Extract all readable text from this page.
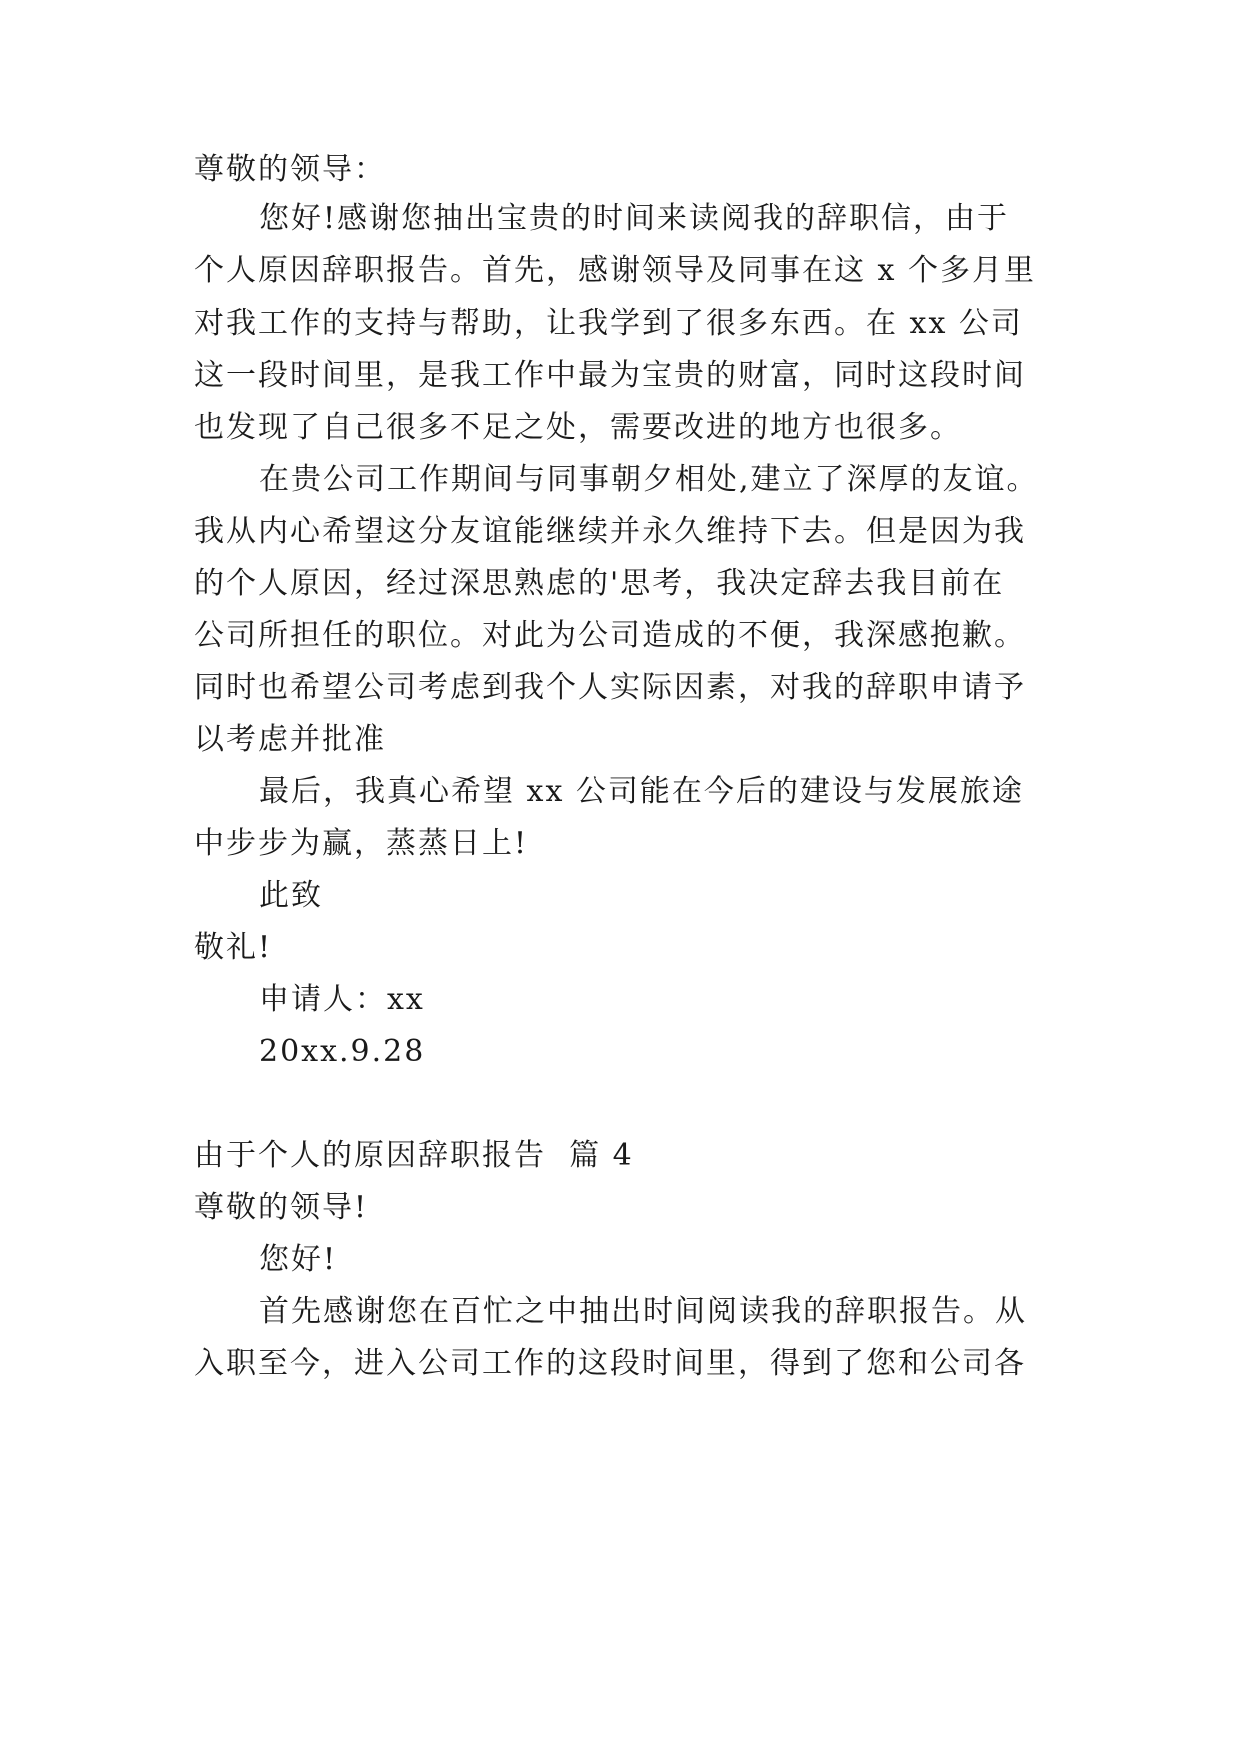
尊敬的领导：
您好!感谢您抽出宝贵的时间来读阅我的辞职信，由于
个人原因辞职报告。首先，感谢领导及同事在这 x 个多月里
对我工作的支持与帮助，让我学到了很多东西。在 xx 公司
这一段时间里，是我工作中最为宝贵的财富，同时这段时间
也发现了自己很多不足之处，需要改进的地方也很多。
在贵公司工作期间与同事朝夕相处,建立了深厚的友谊。
我从内心希望这分友谊能继续并永久维持下去。但是因为我
的个人原因，经过深思熟虑的'思考，我决定辞去我目前在
公司所担任的职位。对此为公司造成的不便，我深感抱歉。
同时也希望公司考虑到我个人实际因素，对我的辞职申请予
以考虑并批准
最后，我真心希望 xx 公司能在今后的建设与发展旅途
中步步为赢，蒸蒸日上!
此致
敬礼!
申请人：xx
20xx.9.28
由于个人的原因辞职报告  篇 4
尊敬的领导!
您好!
首先感谢您在百忙之中抽出时间阅读我的辞职报告。从
入职至今，进入公司工作的这段时间里，得到了您和公司各
